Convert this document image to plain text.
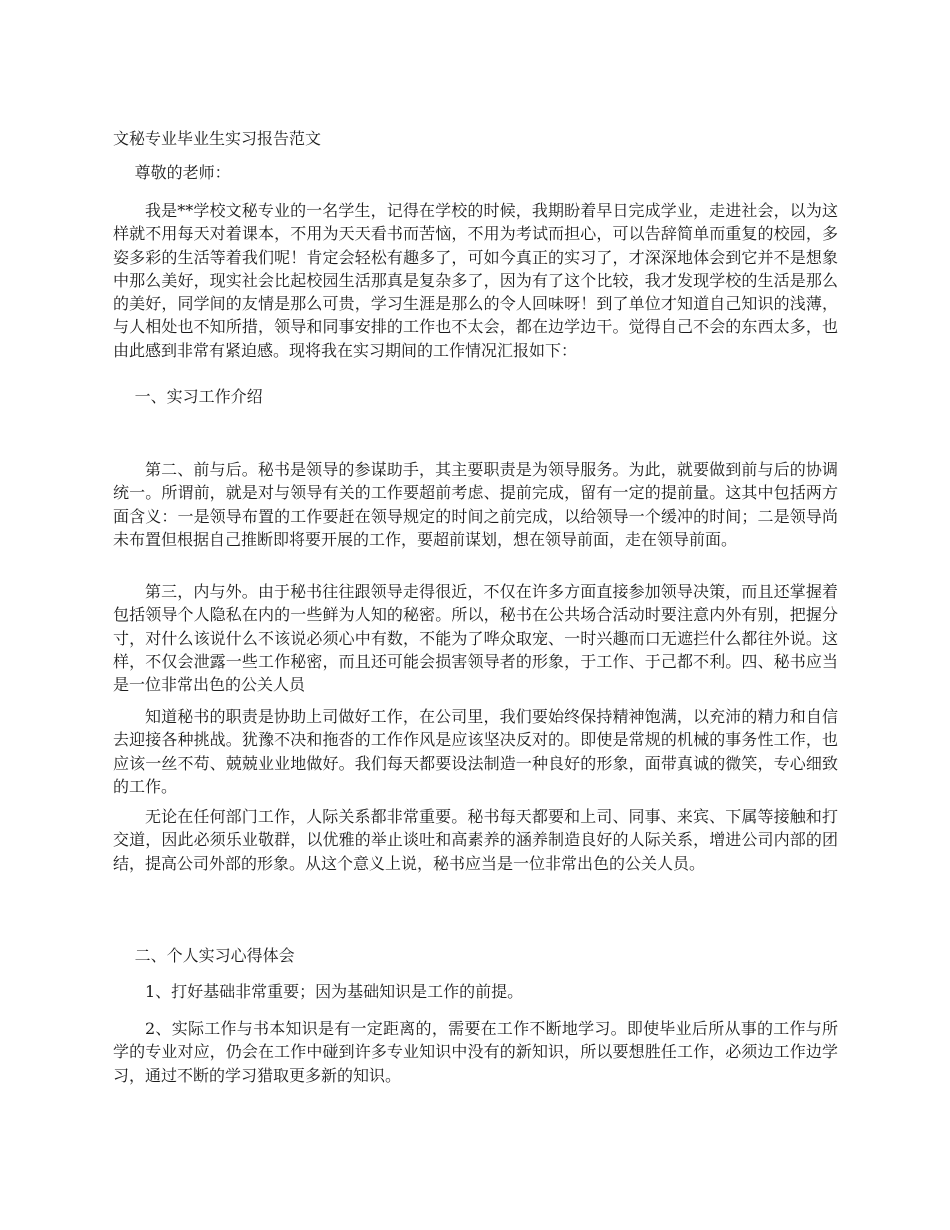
文秘专业毕业生实习报告范文
尊敬的老师：

我是**学校文秘专业的一名学生，记得在学校的时候，我期盼着早日完成学业，走进社会，以为这样就不用每天对着课本，不用为天天看书而苦恼，不用为考试而担心，可以告辞简单而重复的校园，多姿多彩的生活等着我们呢！肯定会轻松有趣多了，可如今真正的实习了，才深深地体会到它并不是想象中那么美好，现实社会比起校园生活那真是复杂多了，因为有了这个比较，我才发现学校的生活是那么的美好，同学间的友情是那么可贵，学习生涯是那么的令人回味呀！到了单位才知道自己知识的浅薄，与人相处也不知所措，领导和同事安排的工作也不太会，都在边学边干。觉得自己不会的东西太多，也由此感到非常有紧迫感。现将我在实习期间的工作情况汇报如下：

一、实习工作介绍

第二、前与后。秘书是领导的参谋助手，其主要职责是为领导服务。为此，就要做到前与后的协调统一。所谓前，就是对与领导有关的工作要超前考虑、提前完成，留有一定的提前量。这其中包括两方面含义：一是领导布置的工作要赶在领导规定的时间之前完成，以给领导一个缓冲的时间；二是领导尚未布置但根据自己推断即将要开展的工作，要超前谋划，想在领导前面，走在领导前面。

第三，内与外。由于秘书往往跟领导走得很近，不仅在许多方面直接参加领导决策，而且还掌握着包括领导个人隐私在内的一些鲜为人知的秘密。所以，秘书在公共场合活动时要注意内外有别，把握分寸，对什么该说什么不该说必须心中有数，不能为了哗众取宠、一时兴趣而口无遮拦什么都往外说。这样，不仅会泄露一些工作秘密，而且还可能会损害领导者的形象，于工作、于己都不利。四、秘书应当是一位非常出色的公关人员

知道秘书的职责是协助上司做好工作，在公司里，我们要始终保持精神饱满，以充沛的精力和自信去迎接各种挑战。犹豫不决和拖沓的工作作风是应该坚决反对的。即使是常规的机械的事务性工作，也应该一丝不苟、兢兢业业地做好。我们每天都要设法制造一种良好的形象，面带真诚的微笑，专心细致的工作。

无论在任何部门工作，人际关系都非常重要。秘书每天都要和上司、同事、来宾、下属等接触和打交道，因此必须乐业敬群，以优雅的举止谈吐和高素养的涵养制造良好的人际关系，增进公司内部的团结，提高公司外部的形象。从这个意义上说，秘书应当是一位非常出色的公关人员。

二、个人实习心得体会

1、打好基础非常重要；因为基础知识是工作的前提。

2、实际工作与书本知识是有一定距离的，需要在工作不断地学习。即使毕业后所从事的工作与所学的专业对应，仍会在工作中碰到许多专业知识中没有的新知识，所以要想胜任工作，必须边工作边学习，通过不断的学习猎取更多新的知识。
